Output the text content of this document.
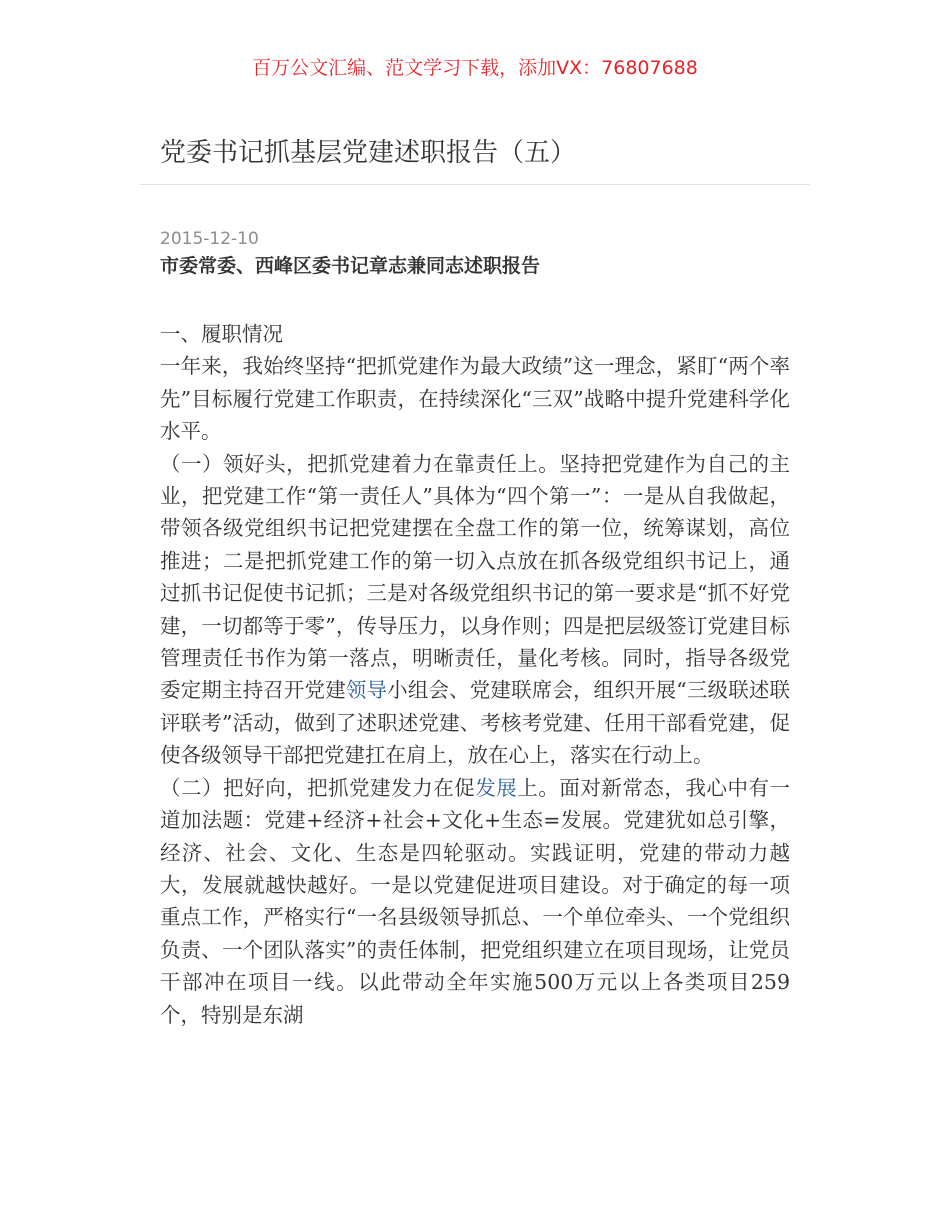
百万公文汇编、范文学习下载，添加VX：76807688
党委书记抓基层党建述职报告（五）
2015-12-10
市委常委、西峰区委书记章志兼同志述职报告

一、履职情况

一年来，我始终坚持“把抓党建作为最大政绩”这一理念，紧盯“两个率先”目标履行党建工作职责，在持续深化“三双”战略中提升党建科学化水平。

（一）领好头，把抓党建着力在靠责任上。坚持把党建作为自己的主业，把党建工作“第一责任人”具体为“四个第一”：一是从自我做起，带领各级党组织书记把党建摆在全盘工作的第一位，统筹谋划，高位推进；二是把抓党建工作的第一切入点放在抓各级党组织书记上，通过抓书记促使书记抓；三是对各级党组织书记的第一要求是“抓不好党建，一切都等于零”，传导压力，以身作则；四是把层级签订党建目标管理责任书作为第一落点，明晰责任，量化考核。同时，指导各级党委定期主持召开党建领导小组会、党建联席会，组织开展“三级联述联评联考”活动，做到了述职述党建、考核考党建、任用干部看党建，促使各级领导干部把党建扛在肩上，放在心上，落实在行动上。

（二）把好向，把抓党建发力在促发展上。面对新常态，我心中有一道加法题：党建+经济+社会+文化+生态=发展。党建犹如总引擎，经济、社会、文化、生态是四轮驱动。实践证明，党建的带动力越大，发展就越快越好。一是以党建促进项目建设。对于确定的每一项重点工作，严格实行“一名县级领导抓总、一个单位牵头、一个党组织负责、一个团队落实”的责任体制，把党组织建立在项目现场，让党员干部冲在项目一线。以此带动全年实施500万元以上各类项目259个，特别是东湖
